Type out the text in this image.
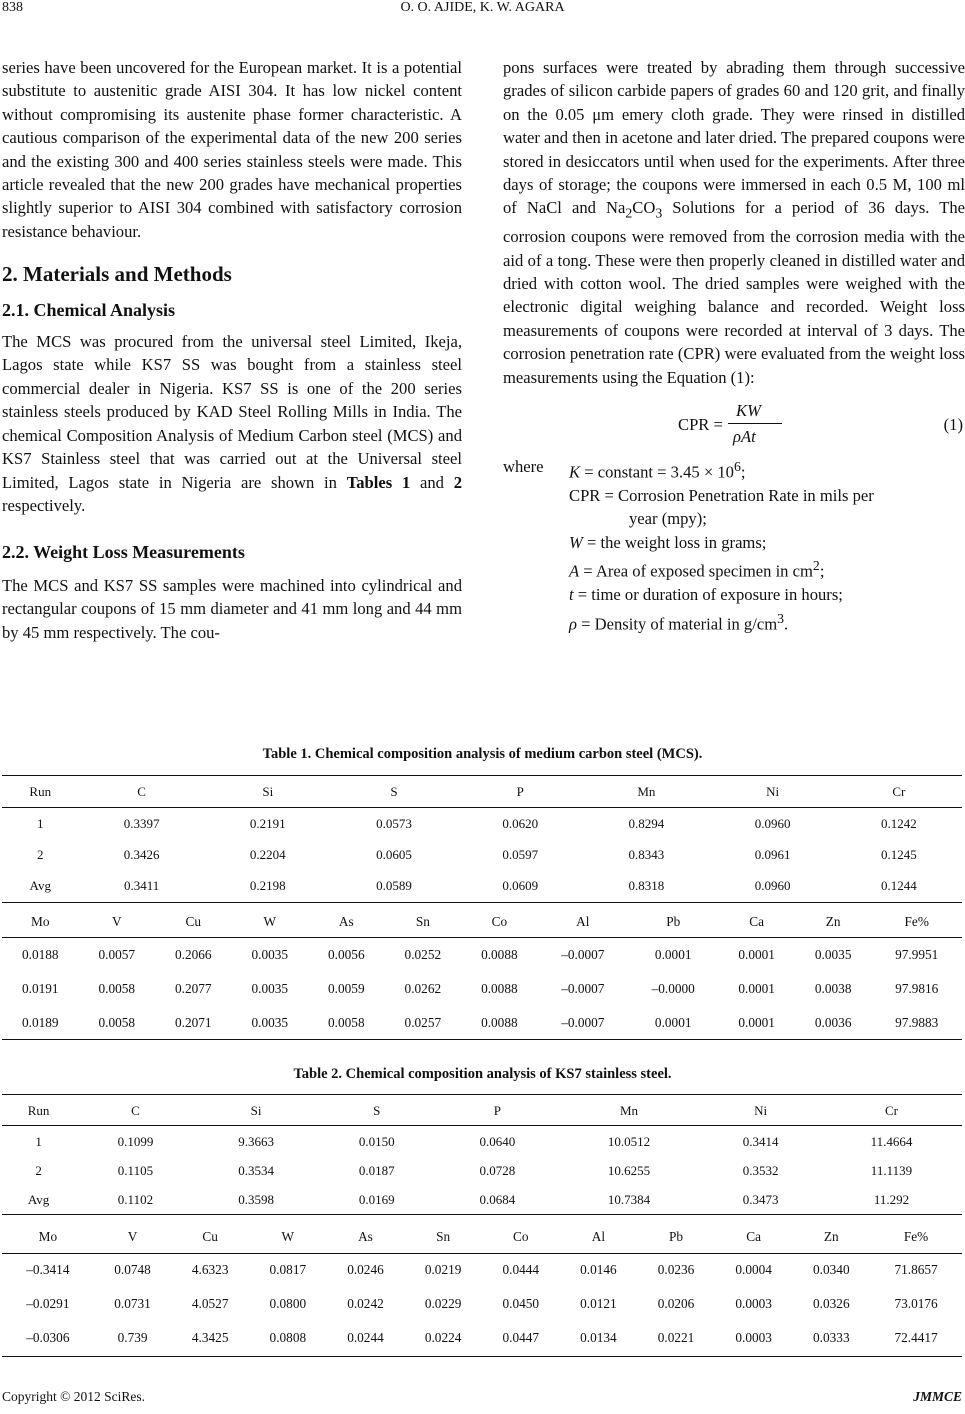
838	O. O. AJIDE, K. W. AGARA

series have been uncovered for the European market. It is a potential substitute to austenitic grade AISI 304. It has low nickel content without compromising its austenite phase former characteristic. A cautious comparison of the experimental data of the new 200 series and the existing 300 and 400 series stainless steels were made. This article revealed that the new 200 grades have mechanical properties slightly superior to AISI 304 combined with satisfactory corrosion resistance behaviour.

2. Materials and Methods
2.1. Chemical Analysis

The MCS was procured from the universal steel Limited, Ikeja, Lagos state while KS7 SS was bought from a stainless steel commercial dealer in Nigeria. KS7 SS is one of the 200 series stainless steels produced by KAD Steel Rolling Mills in India. The chemical Composition Analysis of Medium Carbon steel (MCS) and KS7 Stainless steel that was carried out at the Universal steel Limited, Lagos state in Nigeria are shown in Tables 1 and 2 respectively.

2.2. Weight Loss Measurements

The MCS and KS7 SS samples were machined into cylindrical and rectangular coupons of 15 mm diameter and 41 mm long and 44 mm by 45 mm respectively. The cou-

pons surfaces were treated by abrading them through successive grades of silicon carbide papers of grades 60 and 120 grit, and finally on the 0.05 μm emery cloth grade. They were rinsed in distilled water and then in acetone and later dried. The prepared coupons were stored in desiccators until when used for the experiments. After three days of storage; the coupons were immersed in each 0.5 M, 100 ml of NaCl and $Na_2CO_3$ Solutions for a period of 36 days. The corrosion coupons were removed from the corrosion media with the aid of a tong. These were then properly cleaned in distilled water and dried with cotton wool. The dried samples were weighed with the electronic digital weighing balance and recorded. Weight loss measurements of coupons were recorded at interval of 3 days. The corrosion penetration rate (CPR) were evaluated from the weight loss measurements using the Equation (1):

CPR =
KW
ρAt
(1)
where	K = constant = $3.45 \times 10^6$;
CPR = Corrosion Penetration Rate in mils per
year (mpy);
W = the weight loss in grams;
A = Area of exposed specimen in $cm^2$;
t = time or duration of exposure in hours;
ρ = Density of material in $g/cm^3$.
Table 1. Chemical composition analysis of medium carbon steel (MCS).
Run	C	Si	S	P	Mn	Ni	Cr
1	0.3397	0.2191	0.0573	0.0620	0.8294	0.0960	0.1242
2	0.3426	0.2204	0.0605	0.0597	0.8343	0.0961	0.1245
Avg	0.3411	0.2198	0.0589	0.0609	0.8318	0.0960	0.1244
Mo	V	Cu	W	As	Sn	Co	Al	Pb	Ca	Zn	Fe%
0.0188	0.0057	0.2066	0.0035	0.0056	0.0252	0.0088	–0.0007	0.0001	0.0001	0.0035	97.9951
0.0191	0.0058	0.2077	0.0035	0.0059	0.0262	0.0088	–0.0007	–0.0000	0.0001	0.0038	97.9816
0.0189	0.0058	0.2071	0.0035	0.0058	0.0257	0.0088	–0.0007	0.0001	0.0001	0.0036	97.9883
Table 2. Chemical composition analysis of KS7 stainless steel.
Run	C	Si	S	P	Mn	Ni	Cr
1	0.1099	9.3663	0.0150	0.0640	10.0512	0.3414	11.4664
2	0.1105	0.3534	0.0187	0.0728	10.6255	0.3532	11.1139
Avg	0.1102	0.3598	0.0169	0.0684	10.7384	0.3473	11.292
Mo	V	Cu	W	As	Sn	Co	Al	Pb	Ca	Zn	Fe%
–0.3414	0.0748	4.6323	0.0817	0.0246	0.0219	0.0444	0.0146	0.0236	0.0004	0.0340	71.8657
–0.0291	0.0731	4.0527	0.0800	0.0242	0.0229	0.0450	0.0121	0.0206	0.0003	0.0326	73.0176
–0.0306	0.739	4.3425	0.0808	0.0244	0.0224	0.0447	0.0134	0.0221	0.0003	0.0333	72.4417
Copyright © 2012 SciRes.	JMMCE
